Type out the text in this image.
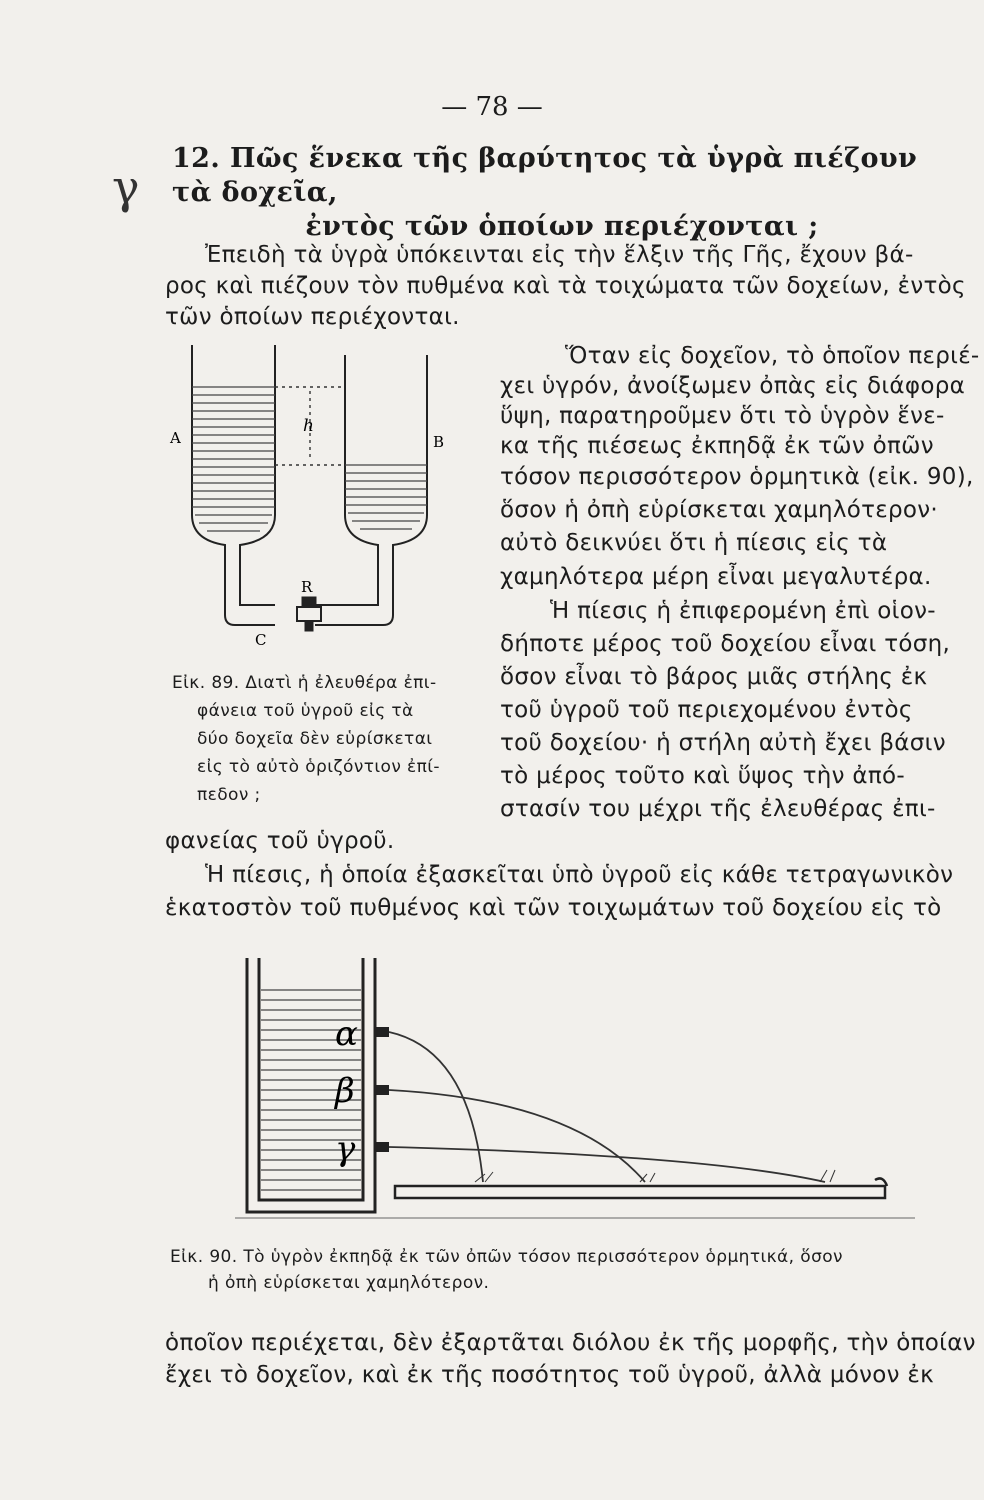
— 78 —
γ
12. Πῶς ἕνεκα τῆς βαρύτητος τὰ ὑγρὰ πιέζουν τὰ δοχεῖα,
ἐντὸς τῶν ὁποίων περιέχονται ;
Ἐπειδὴ τὰ ὑγρὰ ὑπόκεινται εἰς τὴν ἕλξιν τῆς Γῆς, ἔχουν βά-
ρος καὶ πιέζουν τὸν πυθμένα καὶ τὰ τοιχώματα τῶν δοχείων, ἐντὸς
τῶν ὁποίων περιέχονται.
Ὅταν εἰς δοχεῖον, τὸ ὁποῖον περιέ-
χει ὑγρόν, ἀνοίξωμεν ὀπὰς εἰς διάφορα
ὕψη, παρατηροῦμεν ὅτι τὸ ὑγρὸν ἕνε-
κα τῆς πιέσεως ἐκπηδᾷ ἐκ τῶν ὀπῶν
τόσον περισσότερον ὁρμητικὰ (εἰκ. 90),
ὅσον ἡ ὀπὴ εὑρίσκεται χαμηλότερον·
αὐτὸ δεικνύει ὅτι ἡ πίεσις εἰς τὰ
χαμηλότερα μέρη εἶναι μεγαλυτέρα.
Ἡ πίεσις ἡ ἐπιφερομένη ἐπὶ οἱον-
δήποτε μέρος τοῦ δοχείου εἶναι τόση,
ὅσον εἶναι τὸ βάρος μιᾶς στήλης ἐκ
τοῦ ὑγροῦ τοῦ περιεχομένου ἐντὸς
τοῦ δοχείου· ἡ στήλη αὐτὴ ἔχει βάσιν
τὸ μέρος τοῦτο καὶ ὕψος τὴν ἀπό-
στασίν του μέχρι τῆς ἐλευθέρας ἐπι-
A	B
C
R
h
Εἰκ. 89. Διατὶ ἡ ἐλευθέρα ἐπι-
φάνεια τοῦ ὑγροῦ εἰς τὰ
δύο δοχεῖα δὲν εὑρίσκεται
εἰς τὸ αὐτὸ ὁριζόντιον ἐπί-
πεδον ;
φανείας τοῦ ὑγροῦ.
Ἡ πίεσις, ἡ ὁποία ἐξασκεῖται ὑπὸ ὑγροῦ εἰς κάθε τετραγωνικὸν
ἑκατοστὸν τοῦ πυθμένος καὶ τῶν τοιχωμάτων τοῦ δοχείου εἰς τὸ
α
β
γ
Εἰκ. 90. Τὸ ὑγρὸν ἐκπηδᾷ ἐκ τῶν ὀπῶν τόσον περισσότερον ὁρμητικά, ὅσον
ἡ ὀπὴ εὑρίσκεται χαμηλότερον.
ὁποῖον περιέχεται, δὲν ἐξαρτᾶται διόλου ἐκ τῆς μορφῆς, τὴν ὁποίαν
ἔχει τὸ δοχεῖον, καὶ ἐκ τῆς ποσότητος τοῦ ὑγροῦ, ἀλλὰ μόνον ἐκ
